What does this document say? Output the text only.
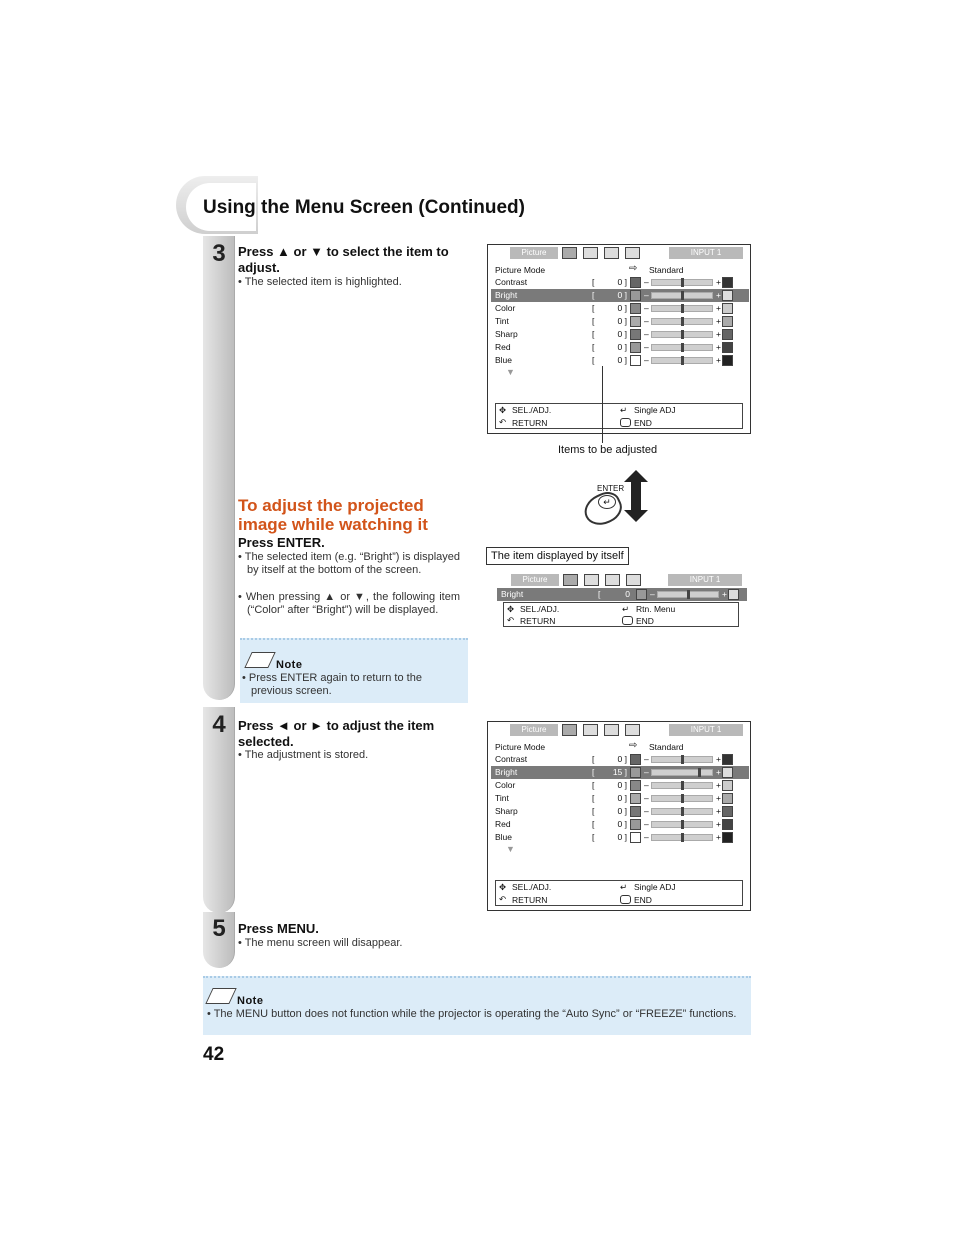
Using the Menu Screen (Continued)
3
4
5
Press ▲ or ▼ to select the item to adjust.
• The selected item is highlighted.
To adjust the projected image while watching it
Press ENTER.
• The selected item (e.g. “Bright”) is displayed by itself at the bottom of the screen.
• When pressing ▲ or ▼, the following item (“Color” after “Bright”) will be displayed.
Note
• Press ENTER again to return to the previous screen.
Press ◄ or ► to adjust the item selected.
• The adjustment is stored.
Press MENU.
• The menu screen will disappear.
Note
• The MENU button does not function while the projector is operating the “Auto Sync” or “FREEZE” functions.
42
Picture	INPUT 1
Picture Mode	⇨ Standard
Contrast	[	0 ] –	+
Bright	[	0 ] –	+
Color	[	0 ] –	+
Tint	[	0 ] –	+
Sharp	[	0 ] –	+
Red	[	0 ] –	+
Blue	[	0 ] –	+
▼
✥ SEL./ADJ.
↶ RETURN
↵ Single ADJ
END
Items to be adjusted
ENTER
↵
The item displayed by itself
Picture	INPUT 1
Bright	[	0 –	+
✥ SEL./ADJ.
↶ RETURN
↵ Rtn. Menu
END
Picture	INPUT 1
Picture Mode	⇨ Standard
Contrast	[	0 ] –	+
Bright	[	15 ] –	+
Color	[	0 ] –	+
Tint	[	0 ] –	+
Sharp	[	0 ] –	+
Red	[	0 ] –	+
Blue	[	0 ] –	+
▼
✥ SEL./ADJ.
↶ RETURN
↵ Single ADJ
END
